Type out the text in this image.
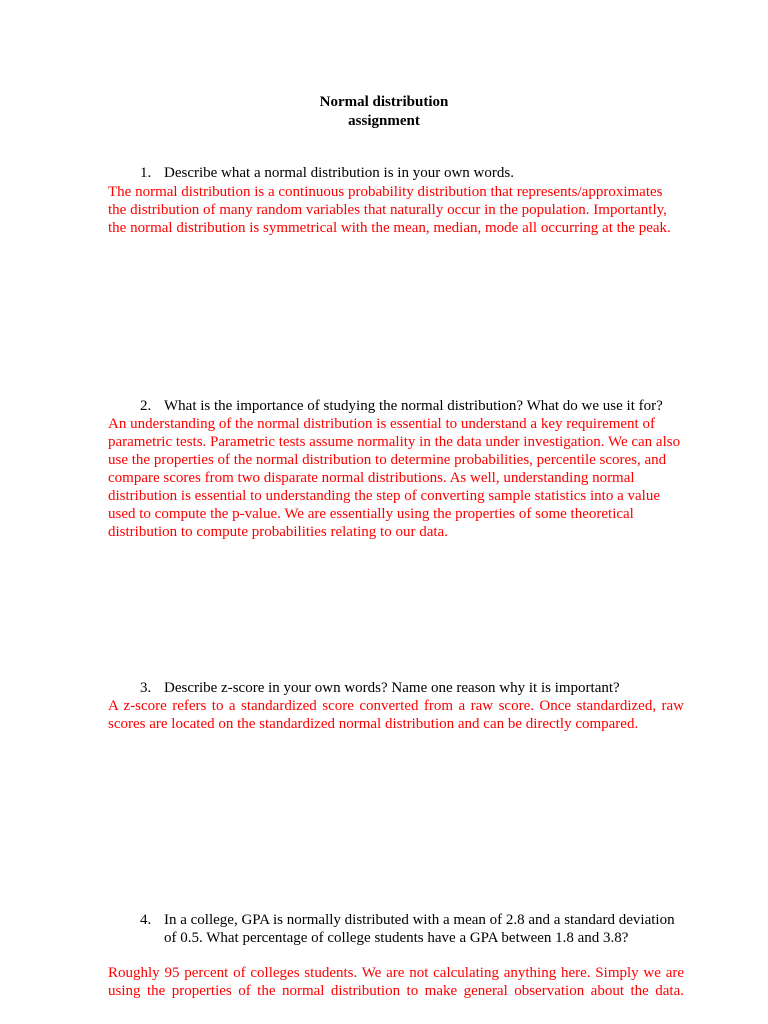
Normal distribution
assignment
1. Describe what a normal distribution is in your own words.
The normal distribution is a continuous probability distribution that represents/approximates the distribution of many random variables that naturally occur in the population. Importantly, the normal distribution is symmetrical with the mean, median, mode all occurring at the peak.
2. What is the importance of studying the normal distribution? What do we use it for?
An understanding of the normal distribution is essential to understand a key requirement of parametric tests. Parametric tests assume normality in the data under investigation. We can also use the properties of the normal distribution to determine probabilities, percentile scores, and compare scores from two disparate normal distributions. As well, understanding normal distribution is essential to understanding the step of converting sample statistics into a value used to compute the p-value. We are essentially using the properties of some theoretical distribution to compute probabilities relating to our data.
3. Describe z-score in your own words? Name one reason why it is important?
A z-score refers to a standardized score converted from a raw score. Once standardized, raw scores are located on the standardized normal distribution and can be directly compared.
4. In a college, GPA is normally distributed with a mean of 2.8 and a standard deviation of 0.5. What percentage of college students have a GPA between 1.8 and 3.8?
Roughly 95 percent of colleges students. We are not calculating anything here. Simply we are using the properties of the normal distribution to make general observation about the data.
